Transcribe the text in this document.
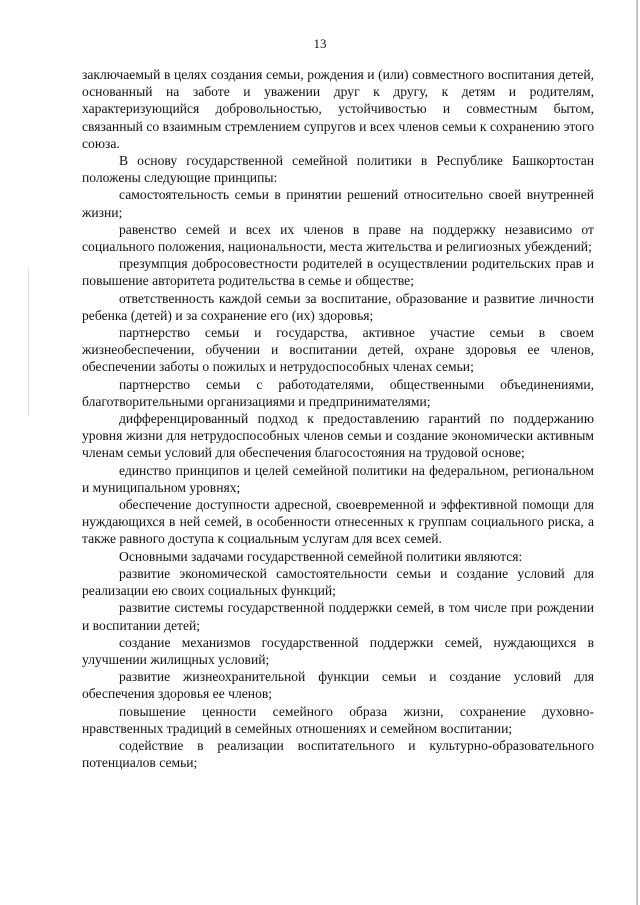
13

заключаемый в целях создания семьи, рождения и (или) совместного воспитания детей, основанный на заботе и уважении друг к другу, к детям и родителям, характеризующийся добровольностью, устойчивостью и совместным бытом, связанный со взаимным стремлением супругов и всех членов семьи к сохранению этого союза.

В основу государственной семейной политики в Республике Башкортостан положены следующие принципы:

самостоятельность семьи в принятии решений относительно своей внутренней жизни;

равенство семей и всех их членов в праве на поддержку независимо от социального положения, национальности, места жительства и религиозных убеждений;

презумпция добросовестности родителей в осуществлении родительских прав и повышение авторитета родительства в семье и обществе;

ответственность каждой семьи за воспитание, образование и развитие личности ребенка (детей) и за сохранение его (их) здоровья;

партнерство семьи и государства, активное участие семьи в своем жизнеобеспечении, обучении и воспитании детей, охране здоровья ее членов, обеспечении заботы о пожилых и нетрудоспособных членах семьи;

партнерство семьи с работодателями, общественными объединениями, благотворительными организациями и предпринимателями;

дифференцированный подход к предоставлению гарантий по поддержанию уровня жизни для нетрудоспособных членов семьи и создание экономически активным членам семьи условий для обеспечения благосостояния на трудовой основе;

единство принципов и целей семейной политики на федеральном, региональном и муниципальном уровнях;

обеспечение доступности адресной, своевременной и эффективной помощи для нуждающихся в ней семей, в особенности отнесенных к группам социального риска, а также равного доступа к социальным услугам для всех семей.

Основными задачами государственной семейной политики являются:

развитие экономической самостоятельности семьи и создание условий для реализации ею своих социальных функций;

развитие системы государственной поддержки семей, в том числе при рождении и воспитании детей;

создание механизмов государственной поддержки семей, нуждающихся в улучшении жилищных условий;

развитие жизнеохранительной функции семьи и создание условий для обеспечения здоровья ее членов;

повышение ценности семейного образа жизни, сохранение духовно-нравственных традиций в семейных отношениях и семейном воспитании;

содействие в реализации воспитательного и культурно-образовательного потенциалов семьи;
